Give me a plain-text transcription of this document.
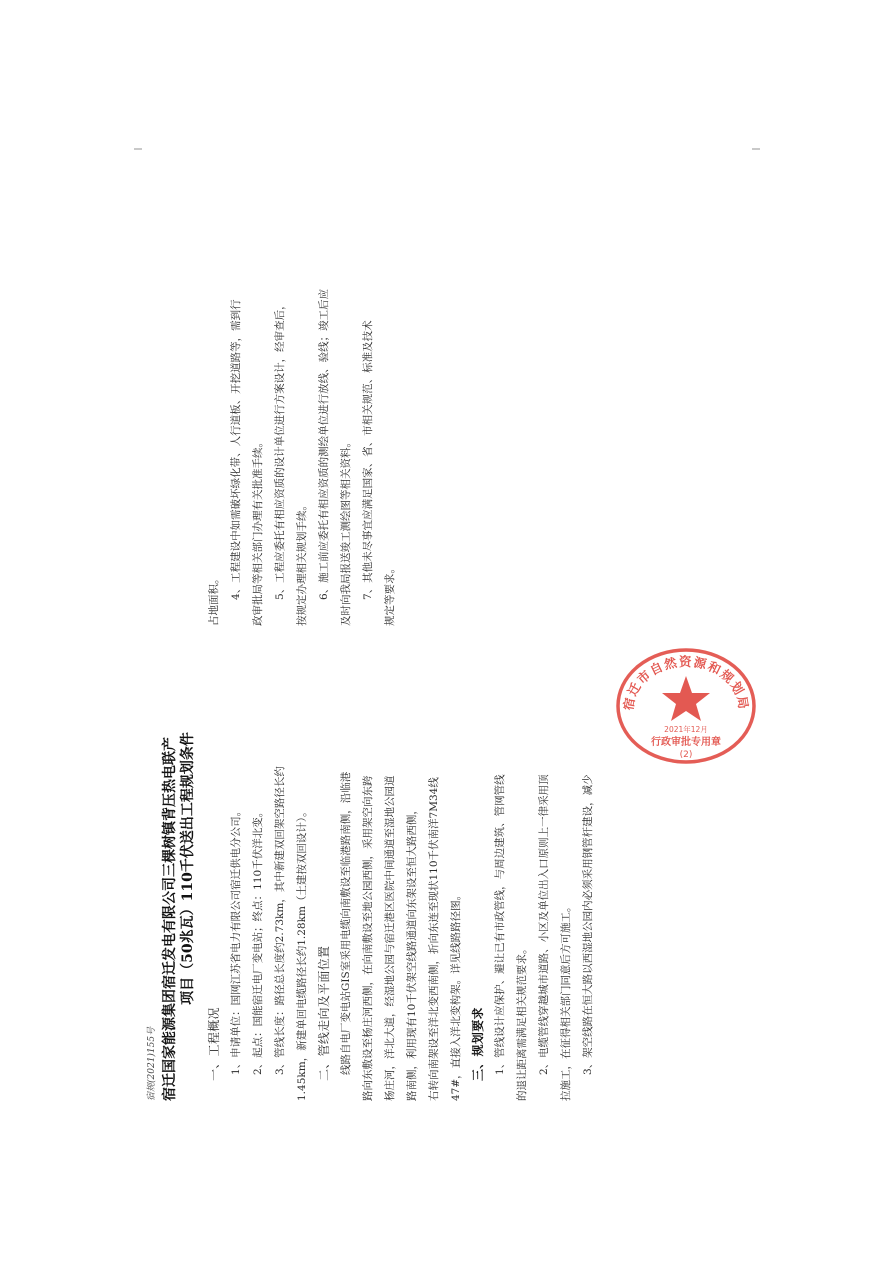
宿规(2021)155号 宿迁国家能源集团宿迁发电有限公司三棵树镇背压热电联产 项目（50兆瓦）110千伏送出工程规划条件
一、工程概况 1、申请单位：国网江苏省电力有限公司宿迁供电分公司。 2、起点：国能宿迁电厂变电站；终点：110千伏洋北变。 3、管线长度：路径总长度约2.73km，其中新建双回架空路径长约 1.45km，新建单回电缆路径长约1.28km（土建按双回设计）。 二、管线走向及平面位置 线路自电厂变电站GIS室采用电缆向南敷设至临港路南侧，沿临港 路向东敷设至杨庄河西侧，在向南敷设至地公园西侧，采用架空向东跨 杨庄河，洋北大道，经湿地公园与宿迁港区医院中间通道至湿地公园道 路南侧，利用现有10千伏架空线路通道向东架设至恒大路西侧， 右转向南架设至洋北变西南侧，折向东连至现状110千伏南洋7M34线 47#，直接入洋北变构架。详见线路路径图。 三、规划要求 1、管线设计应保护、避让已有市政管线，与周边建筑、管网管线 的退让距离需满足相关规范要求。 2、电缆管线穿越城市道路、小区及单位出入口原则上一律采用顶 拉施工，在征得相关部门同意后方可施工。 3、架空线路在恒大路以西湿地公园内必须采用钢管杆建设，减少
占地面积。 4、工程建设中如需破坏绿化带、人行道板、开挖道路等，需到行 政审批局等相关部门办理有关批准手续。 5、工程应委托有相应资质的设计单位进行方案设计，经审查后， 按规定办理相关规划手续。 6、施工前应委托有相应资质的测绘单位进行放线、验线；竣工后应 及时向我局报送竣工测绘图等相关资料。 7、其他未尽事宜应满足国家、省、市相关规范、标准及技术 规定等要求。
宿迁市自然资源和规划局
2021年12月
行政审批专用章
(2)
